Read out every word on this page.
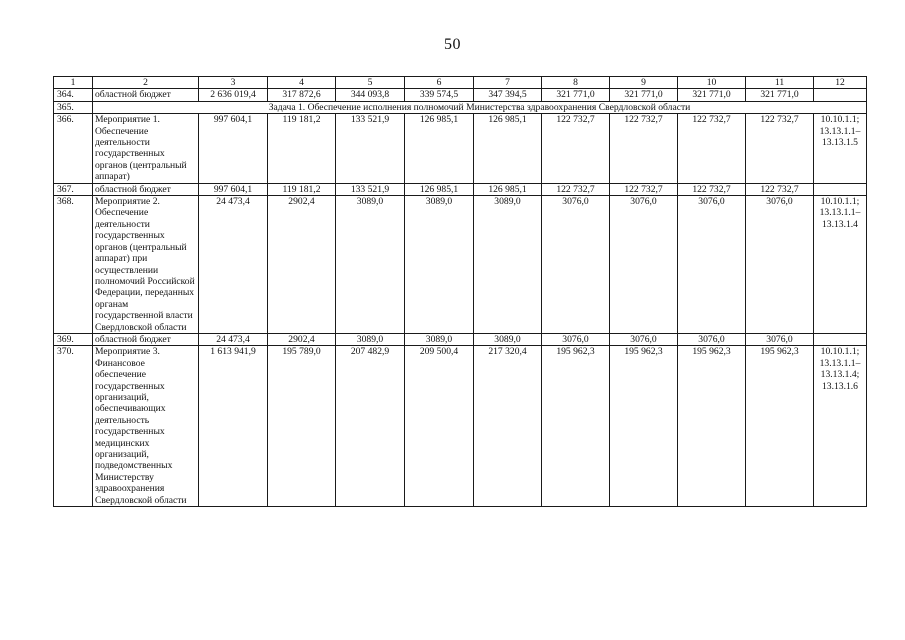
50
1	2	3	4	5	6	7	8	9	10	11	12
364.	областной бюджет	2 636 019,4	317 872,6	344 093,8	339 574,5	347 394,5	321 771,0	321 771,0	321 771,0	321 771,0	
365.	Задача 1. Обеспечение исполнения полномочий Министерства здравоохранения Свердловской области										
366.	Мероприятие 1. Обеспечение деятельности государственных органов (центральный аппарат)	997 604,1	119 181,2	133 521,9	126 985,1	126 985,1	122 732,7	122 732,7	122 732,7	122 732,7	10.10.1.1; 13.13.1.1– 13.13.1.5
367.	областной бюджет	997 604,1	119 181,2	133 521,9	126 985,1	126 985,1	122 732,7	122 732,7	122 732,7	122 732,7	
368.	Мероприятие 2. Обеспечение деятельности государственных органов (центральный аппарат) при осуществлении полномочий Российской Федерации, переданных органам государственной власти Свердловской области	24 473,4	2902,4	3089,0	3089,0	3089,0	3076,0	3076,0	3076,0	3076,0	10.10.1.1; 13.13.1.1– 13.13.1.4
369.	областной бюджет	24 473,4	2902,4	3089,0	3089,0	3089,0	3076,0	3076,0	3076,0	3076,0	
370.	Мероприятие 3. Финансовое обеспечение государственных организаций, обеспечивающих деятельность государственных медицинских организаций, подведомственных Министерству здравоохранения Свердловской области	1 613 941,9	195 789,0	207 482,9	209 500,4	217 320,4	195 962,3	195 962,3	195 962,3	195 962,3	10.10.1.1; 13.13.1.1– 13.13.1.4; 13.13.1.6
